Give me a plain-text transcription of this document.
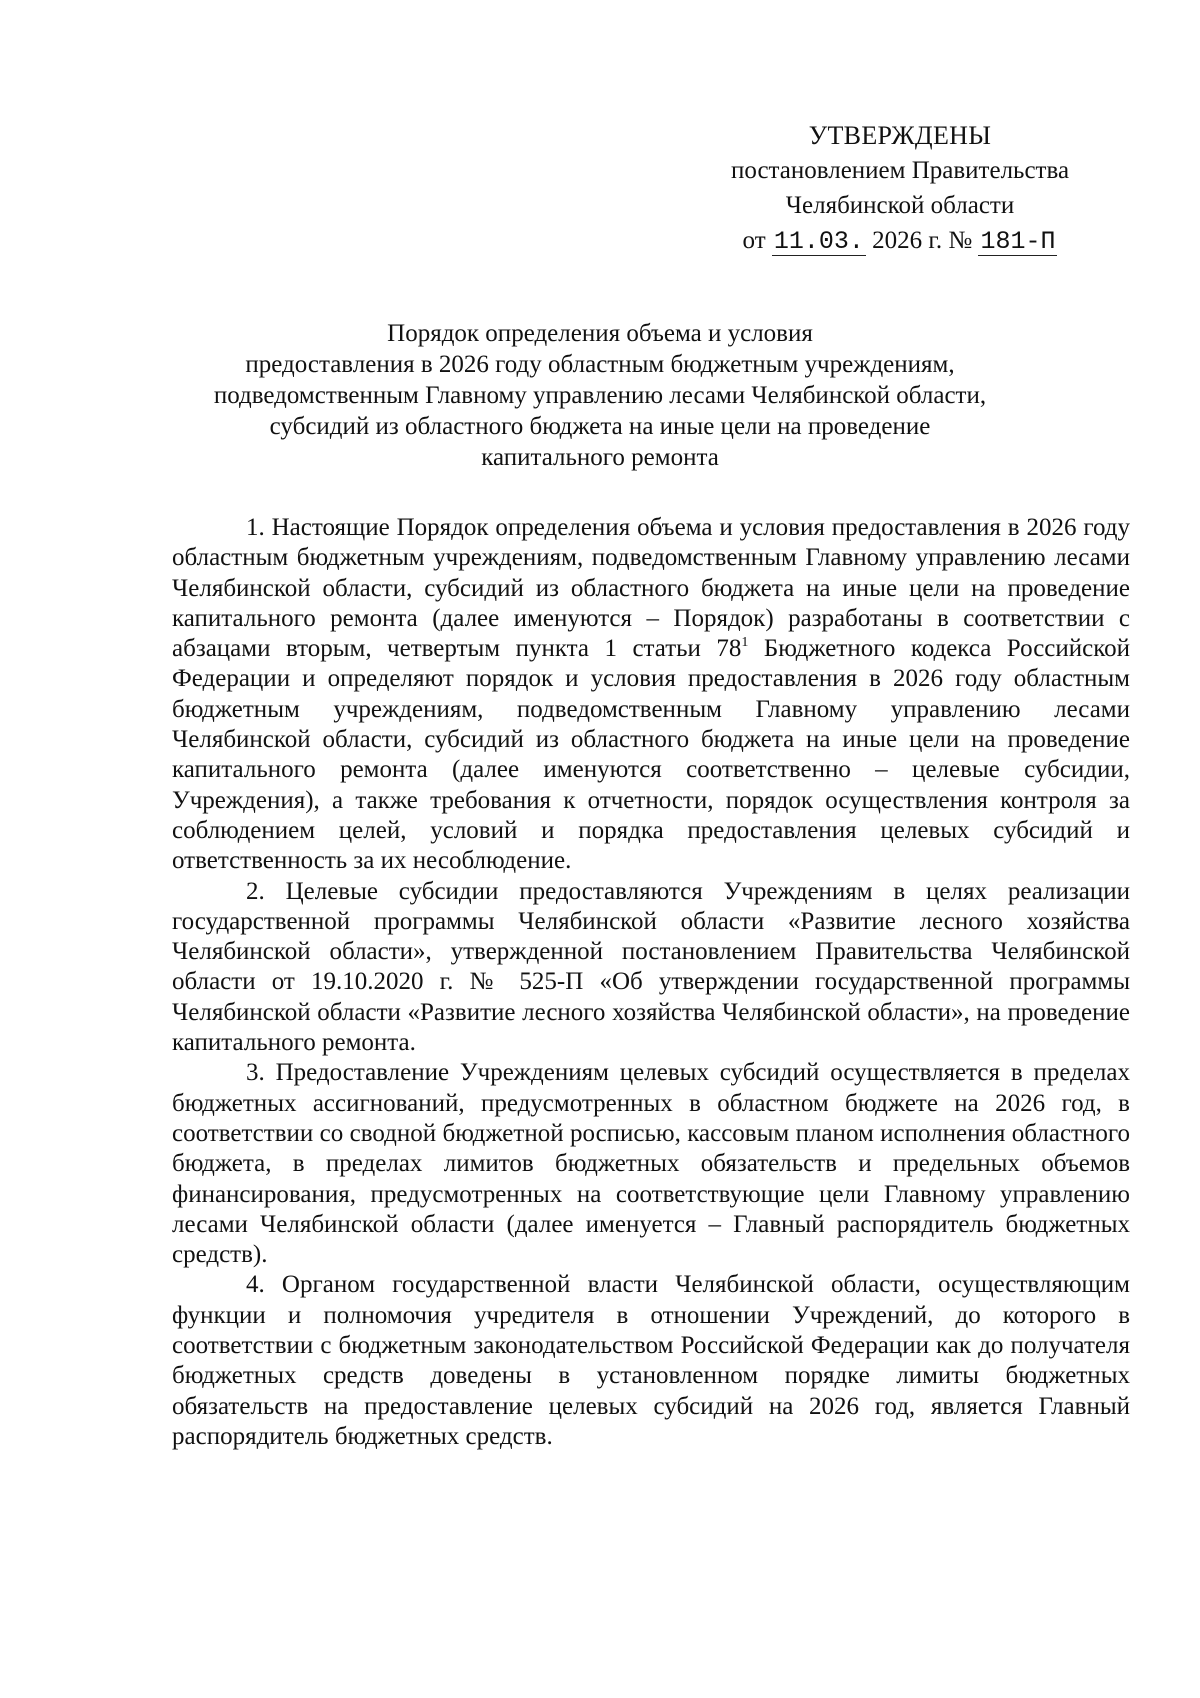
УТВЕРЖДЕНЫ
постановлением Правительства
Челябинской области
от 11.03. 2026 г. № 181-П
Порядок определения объема и условия
предоставления в 2026 году областным бюджетным учреждениям,
подведомственным Главному управлению лесами Челябинской области,
субсидий из областного бюджета на иные цели на проведение
капитального ремонта

1. Настоящие Порядок определения объема и условия предоставления в 2026 году областным бюджетным учреждениям, подведомственным Главному управлению лесами Челябинской области, субсидий из областного бюджета на иные цели на проведение капитального ремонта (далее именуются – Порядок) разработаны в соответствии с абзацами вторым, четвертым пункта 1 статьи $78^1$ Бюджетного кодекса Российской Федерации и определяют порядок и условия предоставления в 2026 году областным бюджетным учреждениям, подведомственным Главному управлению лесами Челябинской области, субсидий из областного бюджета на иные цели на проведение капитального ремонта (далее именуются соответственно – целевые субсидии, Учреждения), а также требования к отчетности, порядок осуществления контроля за соблюдением целей, условий и порядка предоставления целевых субсидий и ответственность за их несоблюдение.

2. Целевые субсидии предоставляются Учреждениям в целях реализации государственной программы Челябинской области «Развитие лесного хозяйства Челябинской области», утвержденной постановлением Правительства Челябинской области от 19.10.2020 г. № 525-П «Об утверждении государственной программы Челябинской области «Развитие лесного хозяйства Челябинской области», на проведение капитального ремонта.

3. Предоставление Учреждениям целевых субсидий осуществляется в пределах бюджетных ассигнований, предусмотренных в областном бюджете на 2026 год, в соответствии со сводной бюджетной росписью, кассовым планом исполнения областного бюджета, в пределах лимитов бюджетных обязательств и предельных объемов финансирования, предусмотренных на соответствующие цели Главному управлению лесами Челябинской области (далее именуется – Главный распорядитель бюджетных средств).

4. Органом государственной власти Челябинской области, осуществляющим функции и полномочия учредителя в отношении Учреждений, до которого в соответствии с бюджетным законодательством Российской Федерации как до получателя бюджетных средств доведены в установленном порядке лимиты бюджетных обязательств на предоставление целевых субсидий на 2026 год, является Главный распорядитель бюджетных средств.
